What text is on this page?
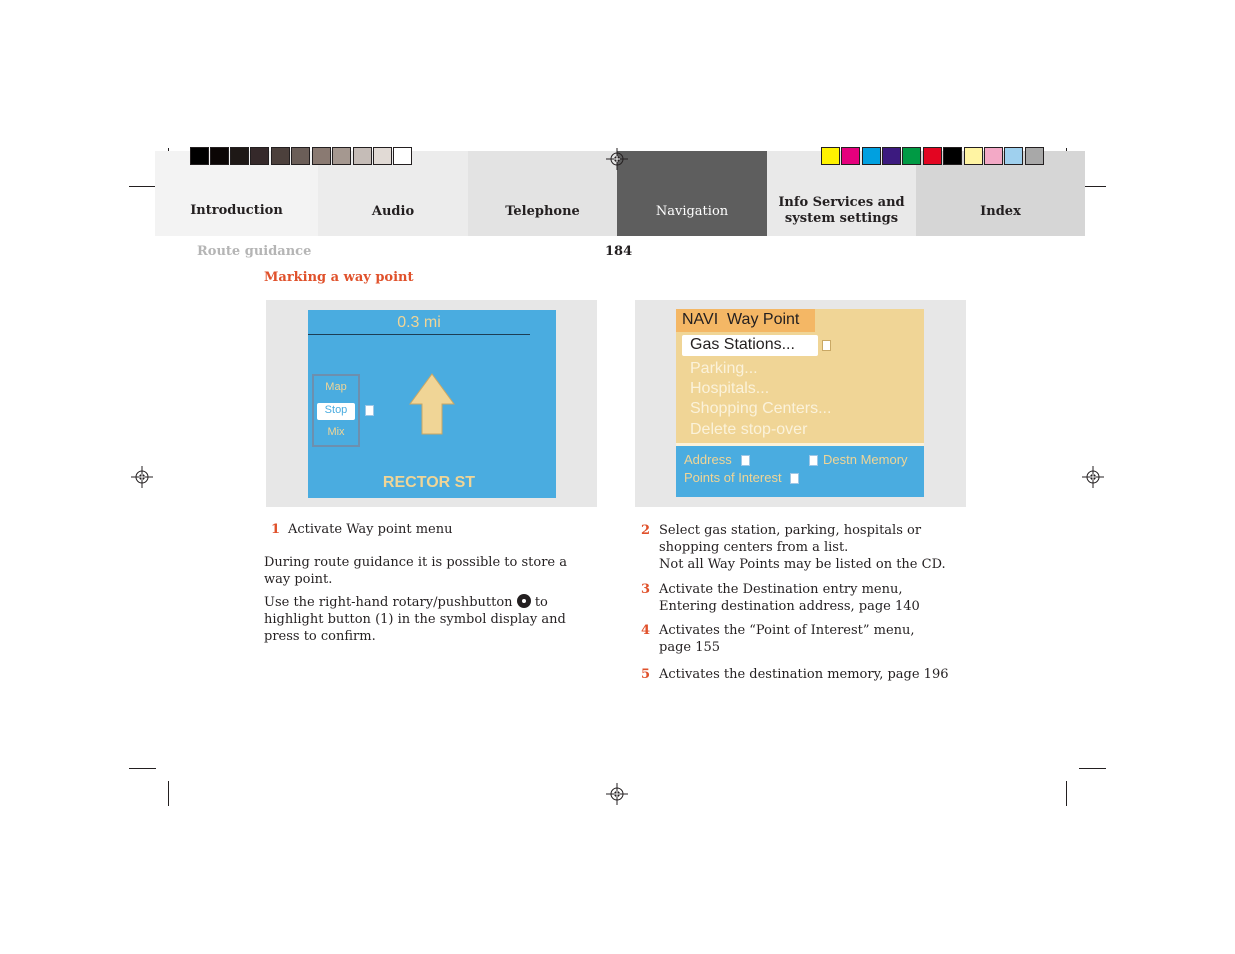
Introduction	Audio	Telephone	Navigation
Info Services and system settings	Index
Route guidance	184
Marking a way point
0.3 mi
Map
Stop
Mix
RECTOR ST
NAVI  Way Point
Gas Stations...
Parking...
Hospitals...
Shopping Centers...
Delete stop-over
Address	Destn Memory
Points of Interest
1 Activate Way point menu
During route guidance it is possible to store a way point.
Use the right-hand rotary/pushbutton to highlight button (1) in the symbol display and press to confirm.
2 Select gas station, parking, hospitals or
shopping centers from a list.
Not all Way Points may be listed on the CD.
3 Activate the Destination entry menu,
Entering destination address, page 140
4 Activates the “Point of Interest” menu,
page 155
5 Activates the destination memory, page 196
